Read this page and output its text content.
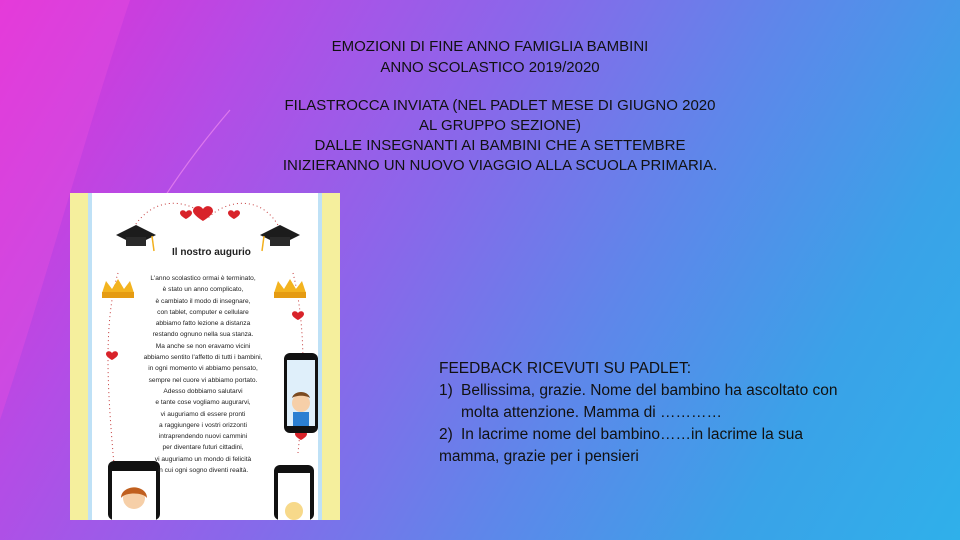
EMOZIONI DI FINE ANNO FAMIGLIA BAMBINI
ANNO SCOLASTICO 2019/2020
FILASTROCCA INVIATA (NEL PADLET MESE DI GIUGNO 2020
AL GRUPPO SEZIONE)
DALLE INSEGNANTI AI BAMBINI CHE A SETTEMBRE
INIZIERANNO UN NUOVO VIAGGIO ALLA SCUOLA PRIMARIA.
Il nostro augurio
L'anno scolastico ormai è terminato,
è stato un anno complicato,
è cambiato il modo di insegnare,
con tablet, computer e cellulare
abbiamo fatto lezione a distanza
restando ognuno nella sua stanza.
Ma anche se non eravamo vicini
abbiamo sentito l'affetto di tutti i bambini,
in ogni momento vi abbiamo pensato,
sempre nel cuore vi abbiamo portato.
Adesso dobbiamo salutarvi
e tante cose vogliamo augurarvi,
vi auguriamo di essere pronti
a raggiungere i vostri orizzonti
intraprendendo nuovi cammini
per diventare futuri cittadini,
vi auguriamo un mondo di felicità
in cui ogni sogno diventi realtà.
FEEDBACK RICEVUTI SU PADLET:
1) Bellissima, grazie. Nome del bambino ha ascoltato con
molta attenzione. Mamma di …………
2) In lacrime nome del bambino……in lacrime la sua
mamma, grazie per i pensieri
